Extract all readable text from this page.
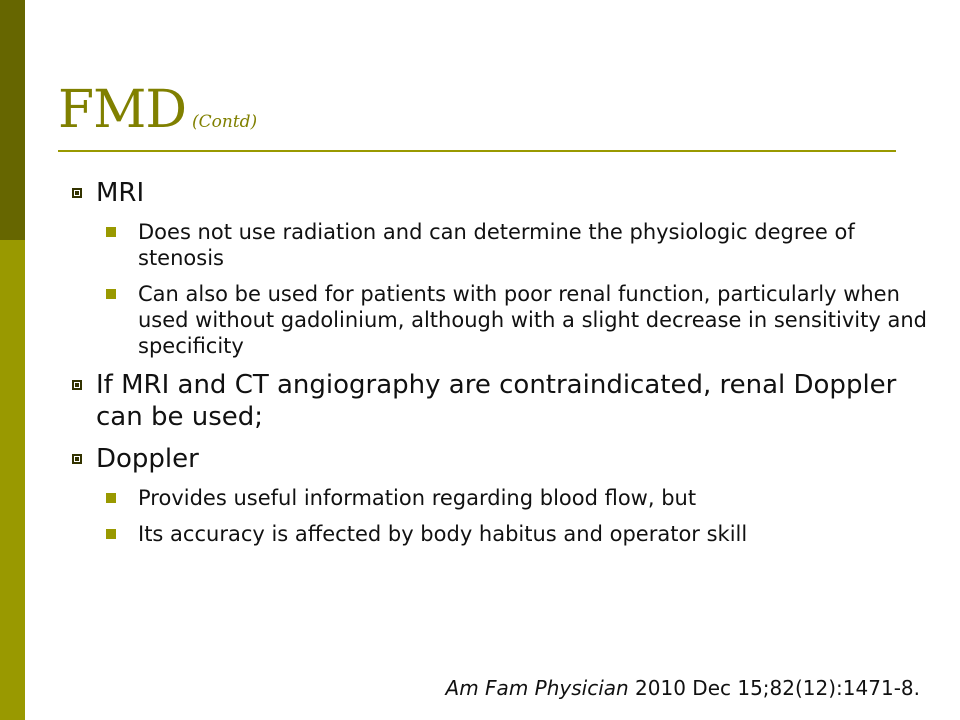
FMD (Contd)
MRI
Does not use radiation and can determine the physiologic degree of stenosis
Can also be used for patients with poor renal function, particularly when used without gadolinium, although with a slight decrease in sensitivity and specificity
If MRI and CT angiography are contraindicated, renal Doppler can be used;
Doppler
Provides useful information regarding blood flow, but
Its accuracy is affected by body habitus and operator skill
Am Fam Physician 2010 Dec 15;82(12):1471-8.
